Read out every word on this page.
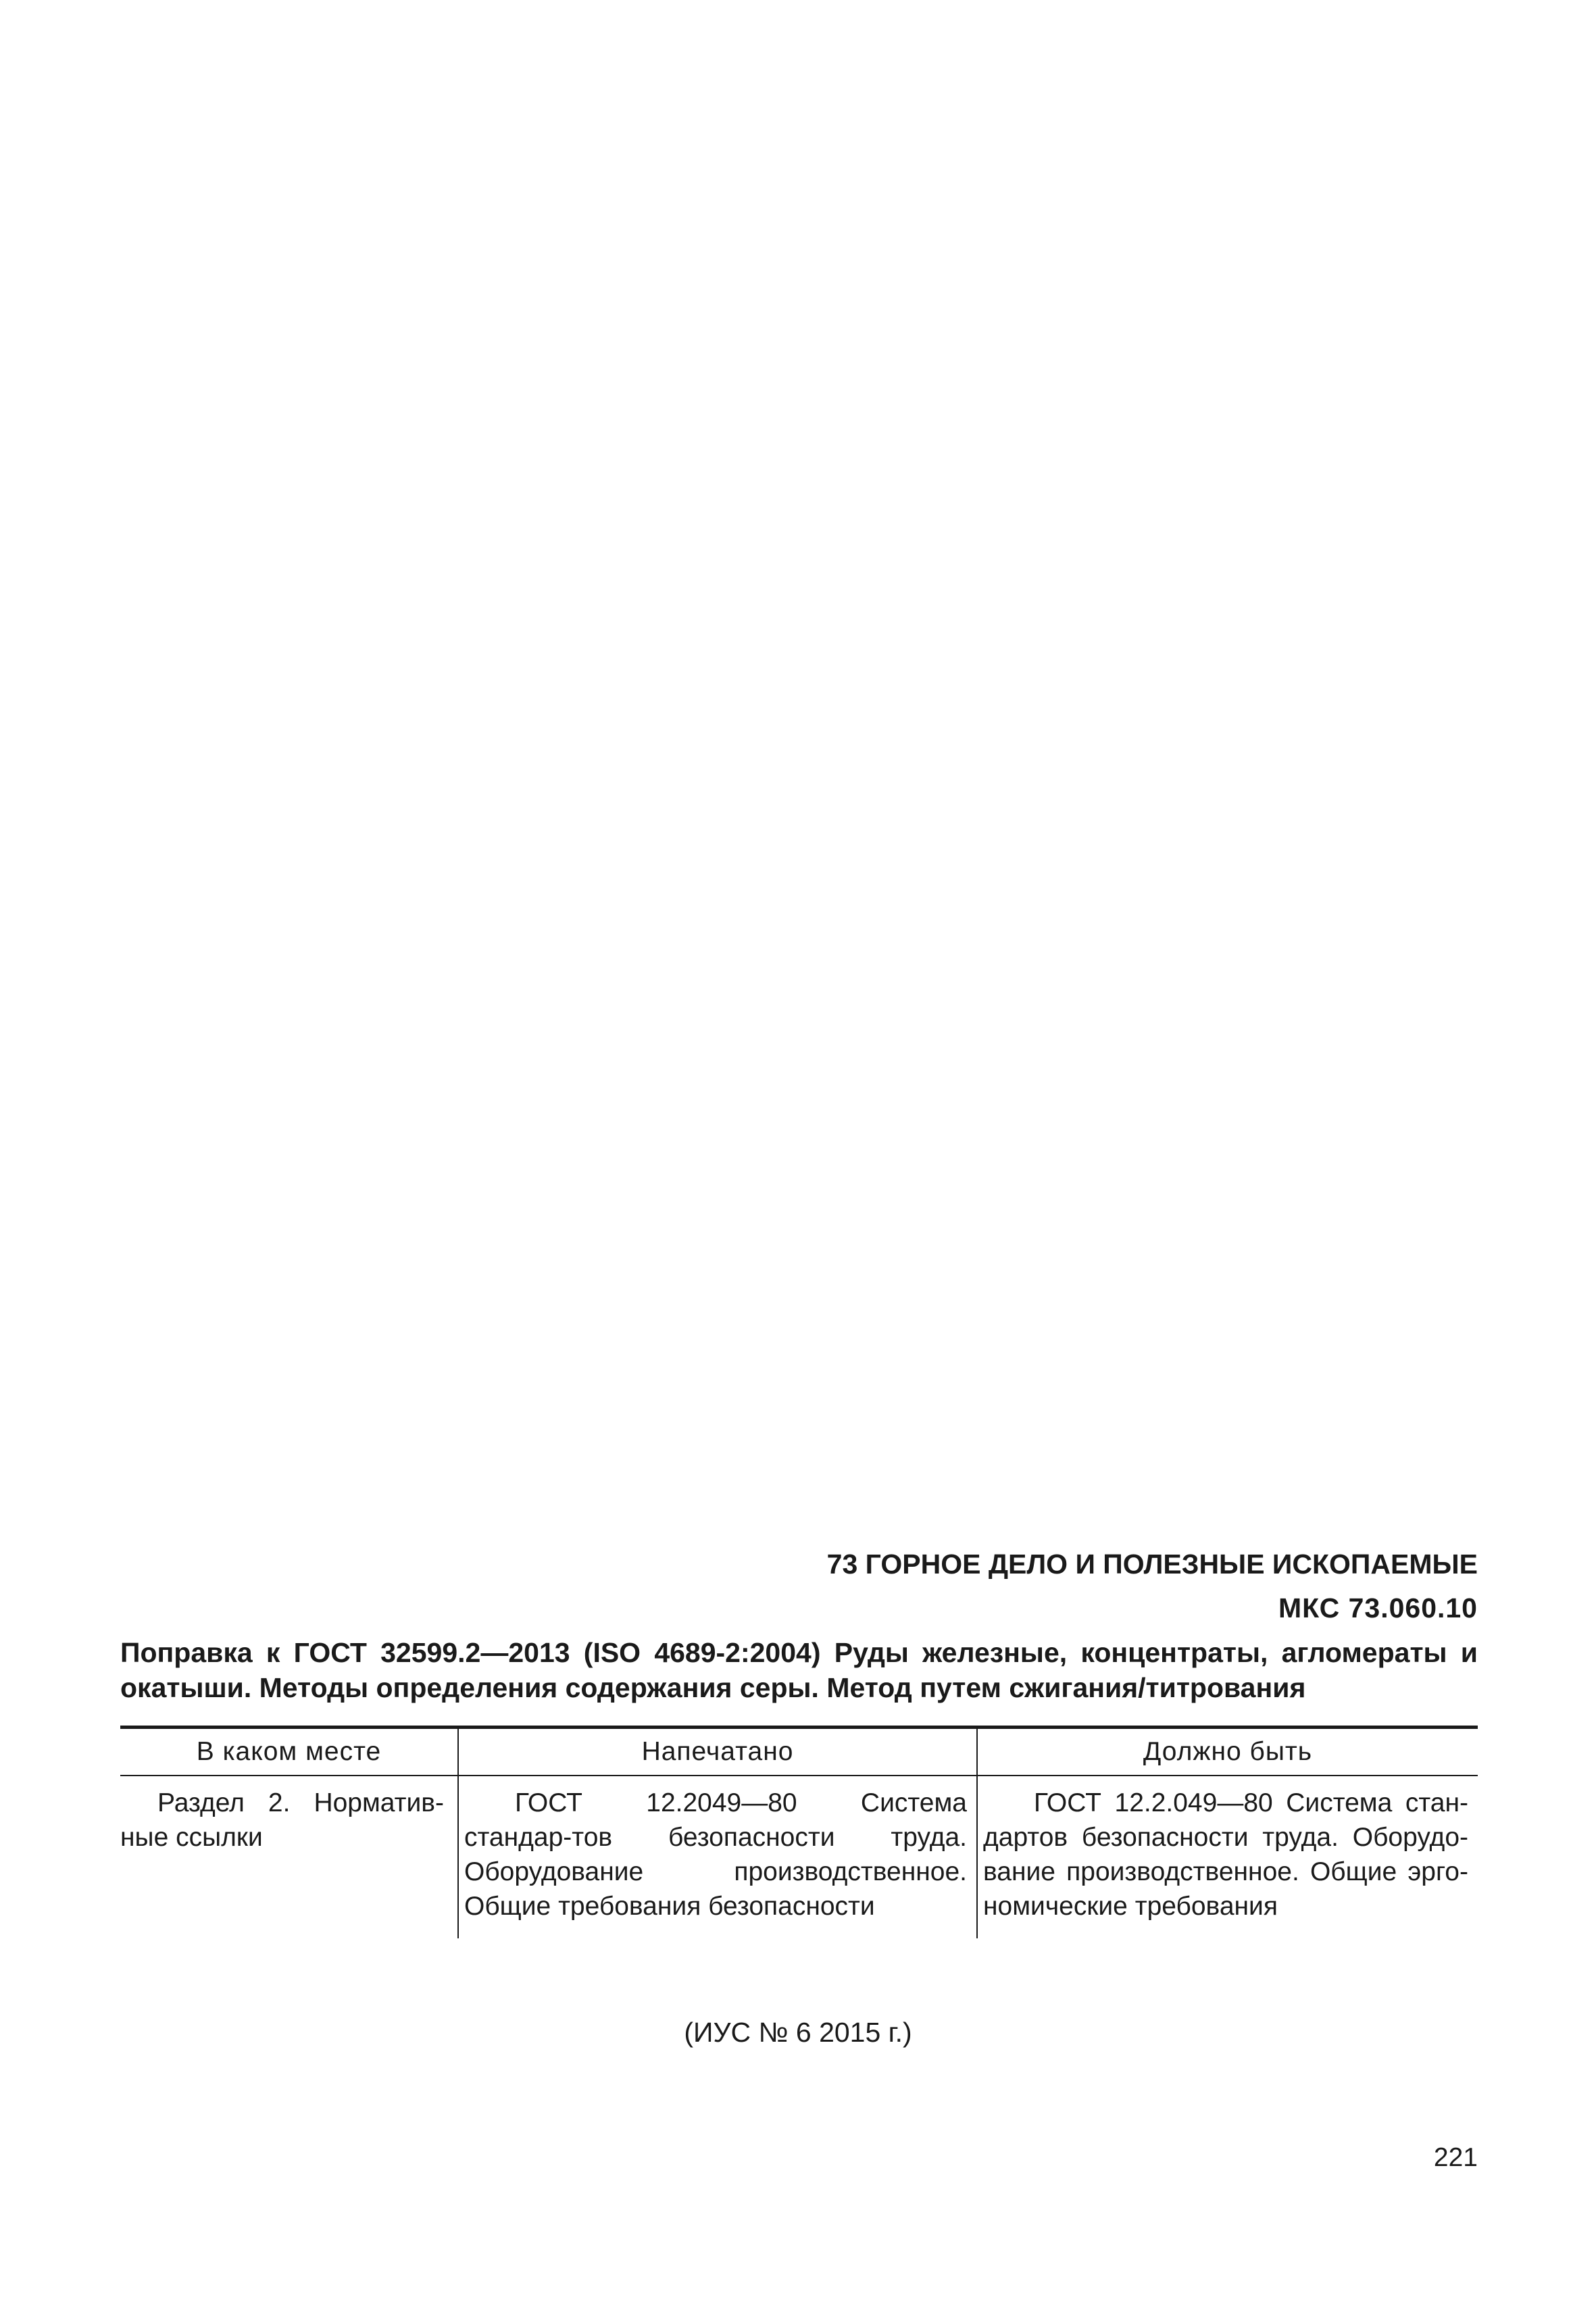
73 ГОРНОЕ ДЕЛО И ПОЛЕЗНЫЕ ИСКОПАЕМЫЕ
МКС 73.060.10
Поправка к ГОСТ 32599.2—2013 (ISO 4689-2:2004) Руды железные, концентраты, агломераты и
окатыши. Методы определения содержания серы. Метод путем сжигания/титрования
В каком месте	Напечатано	Должно быть
Раздел 2. Норматив-ные ссылки	ГОСТ 12.2049—80 Система стандар-тов безопасности труда. Оборудование производственное. Общие требования безопасности	ГОСТ 12.2.049—80 Система стан-дартов безопасности труда. Оборудо-вание производственное. Общие эрго-номические требования
(ИУС № 6 2015 г.)
221
